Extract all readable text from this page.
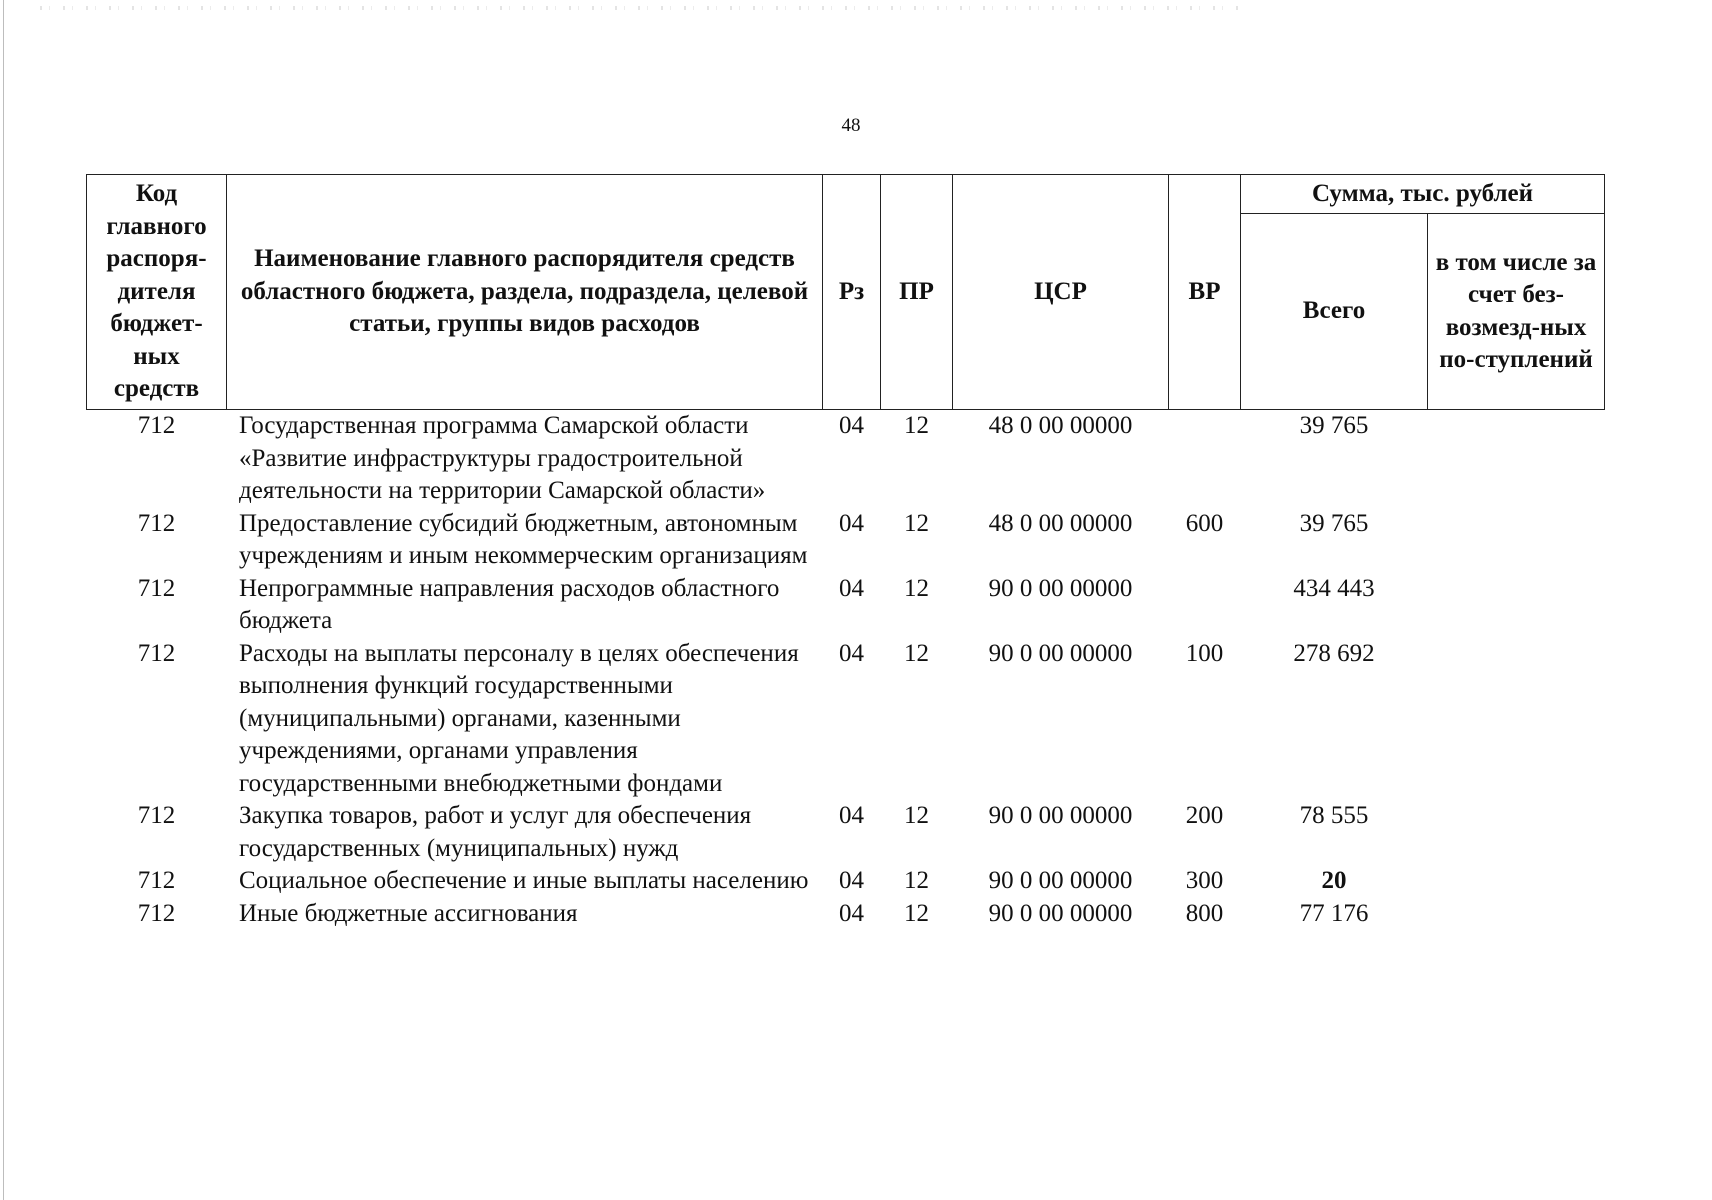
48
Код главного распоря-дителя бюджет-ных средств	Наименование главного распорядителя средств областного бюджета, раздела, подраздела, целевой статьи, группы видов расходов	Рз	ПР	ЦСР	ВР	Сумма, тыс. рублей	
						Всего	в том числе за счет без-возмезд-ных по-ступлений
712	Государственная программа Самарской области «Развитие инфраструктуры градостроительной деятельности на территории Самарской области»	04	12	48 0 00 00000		39 765	
712	Предоставление субсидий бюджетным, автономным учреждениям и иным некоммерческим организациям	04	12	48 0 00 00000	600	39 765	
712	Непрограммные направления расходов областного бюджета	04	12	90 0 00 00000		434 443	
712	Расходы на выплаты персоналу в целях обеспечения выполнения функций государственными (муниципальными) органами, казенными учреждениями, органами управления государственными внебюджетными фондами	04	12	90 0 00 00000	100	278 692	
712	Закупка товаров, работ и услуг для обеспечения государственных (муниципальных) нужд	04	12	90 0 00 00000	200	78 555	
712	Социальное обеспечение и иные выплаты населению	04	12	90 0 00 00000	300	20	
712	Иные бюджетные ассигнования	04	12	90 0 00 00000	800	77 176	
